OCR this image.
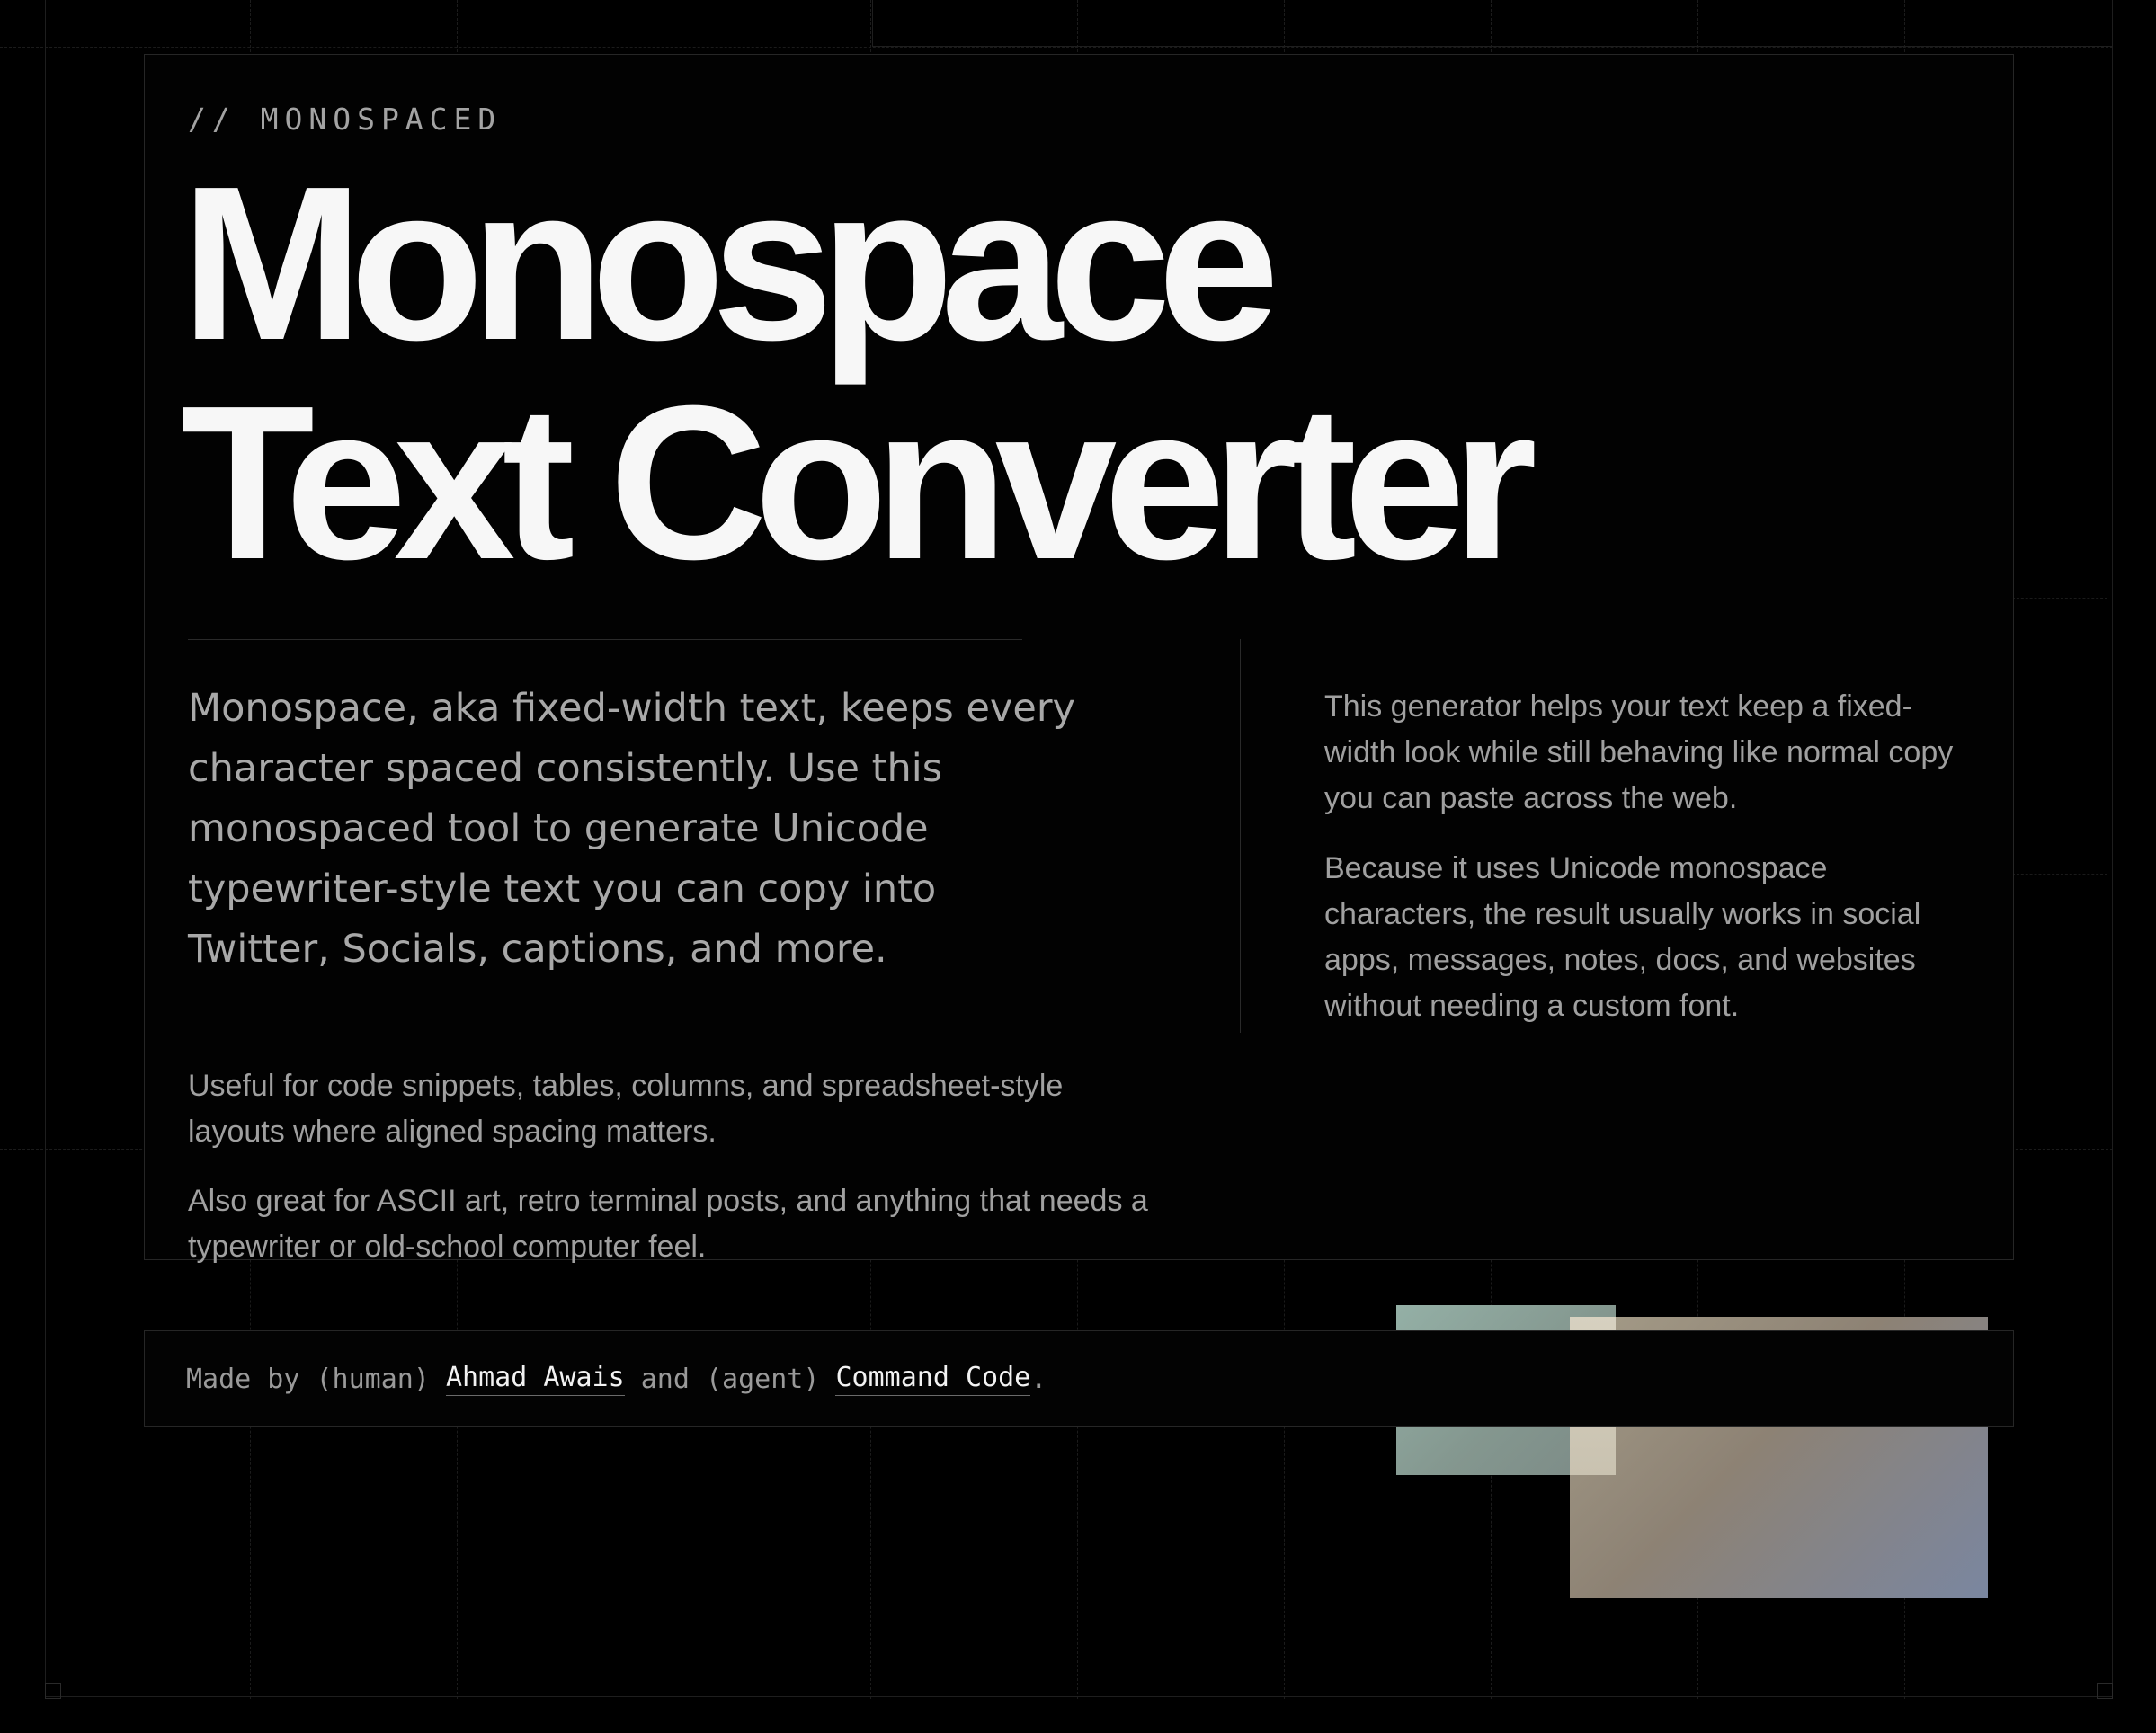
// MONOSPACED
Monospace
Text Converter

Monospace, aka fixed-width text, keeps every character spaced consistently. Use this monospaced tool to generate Unicode typewriter-style text you can copy into Twitter, Socials, captions, and more.

Useful for code snippets, tables, columns, and spreadsheet-style layouts where aligned spacing matters.

Also great for ASCII art, retro terminal posts, and anything that needs a typewriter or old-school computer feel.

This generator helps your text keep a fixed-width look while still behaving like normal copy you can paste across the web.

Because it uses Unicode monospace characters, the result usually works in social apps, messages, notes, docs, and websites without needing a custom font.

Made by (human) Ahmad Awais and (agent) Command Code .
